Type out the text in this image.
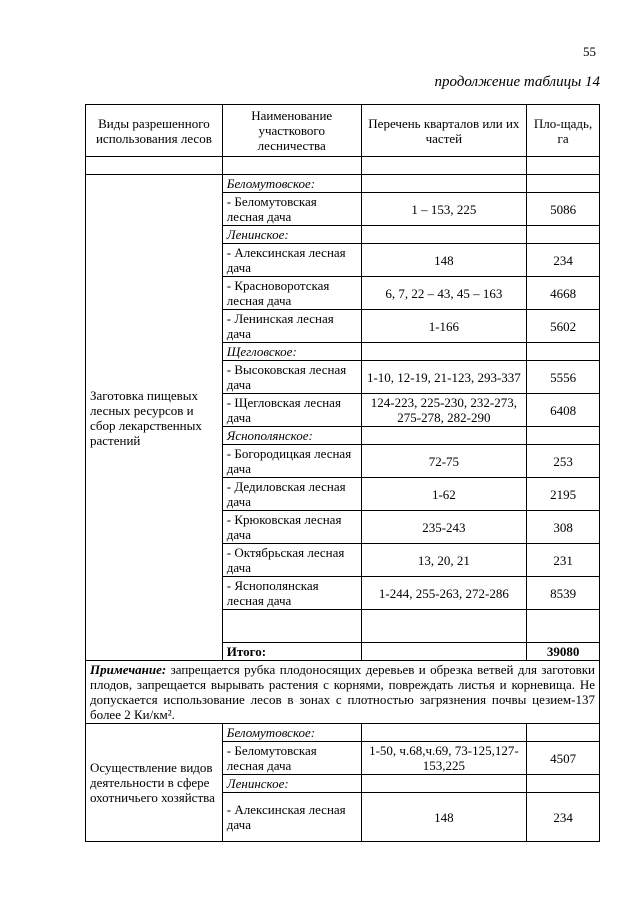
55
продолжение таблицы 14
Виды разрешенного использования лесов	Наименование участкового лесничества	Перечень кварталов или их частей	Пло-щадь, га

Заготовка пищевых лесных ресурсов и сбор лекарственных растений	Беломутовское:		
	- Беломутовская лесная дача	1 – 153, 225	5086
	Ленинское:		
	- Алексинская лесная дача	148	234
	- Красноворотская лесная дача	6, 7, 22 – 43, 45 – 163	4668
	- Ленинская лесная дача	1-166	5602
	Щегловское:		
	- Высоковская лесная дача	1-10, 12-19, 21-123, 293-337	5556
	- Щегловская лесная дача	124-223, 225-230, 232-273, 275-278, 282-290	6408
	Яснополянское:		
	- Богородицкая лесная дача	72-75	253
	- Дедиловская лесная дача	1-62	2195
	- Крюковская лесная дача	235-243	308
	- Октябрьская лесная дача	13, 20, 21	231
	- Яснополянская лесная дача	1-244, 255-263, 272-286	8539

	Итого:		39080
Примечание: запрещается рубка плодоносящих деревьев и обрезка ветвей для заготовки плодов, запрещается вырывать растения с корнями, повреждать листья и корневища. Не допускается использование лесов в зонах с плотностью загрязнения почвы цезием-137 более 2 Ки/км².			
Осуществление видов деятельности в сфере охотничьего хозяйства	Беломутовское:		
	- Беломутовская лесная дача	1-50, ч.68,ч.69, 73-125,127-153,225	4507
	Ленинское:		
	- Алексинская лесная дача	148	234
